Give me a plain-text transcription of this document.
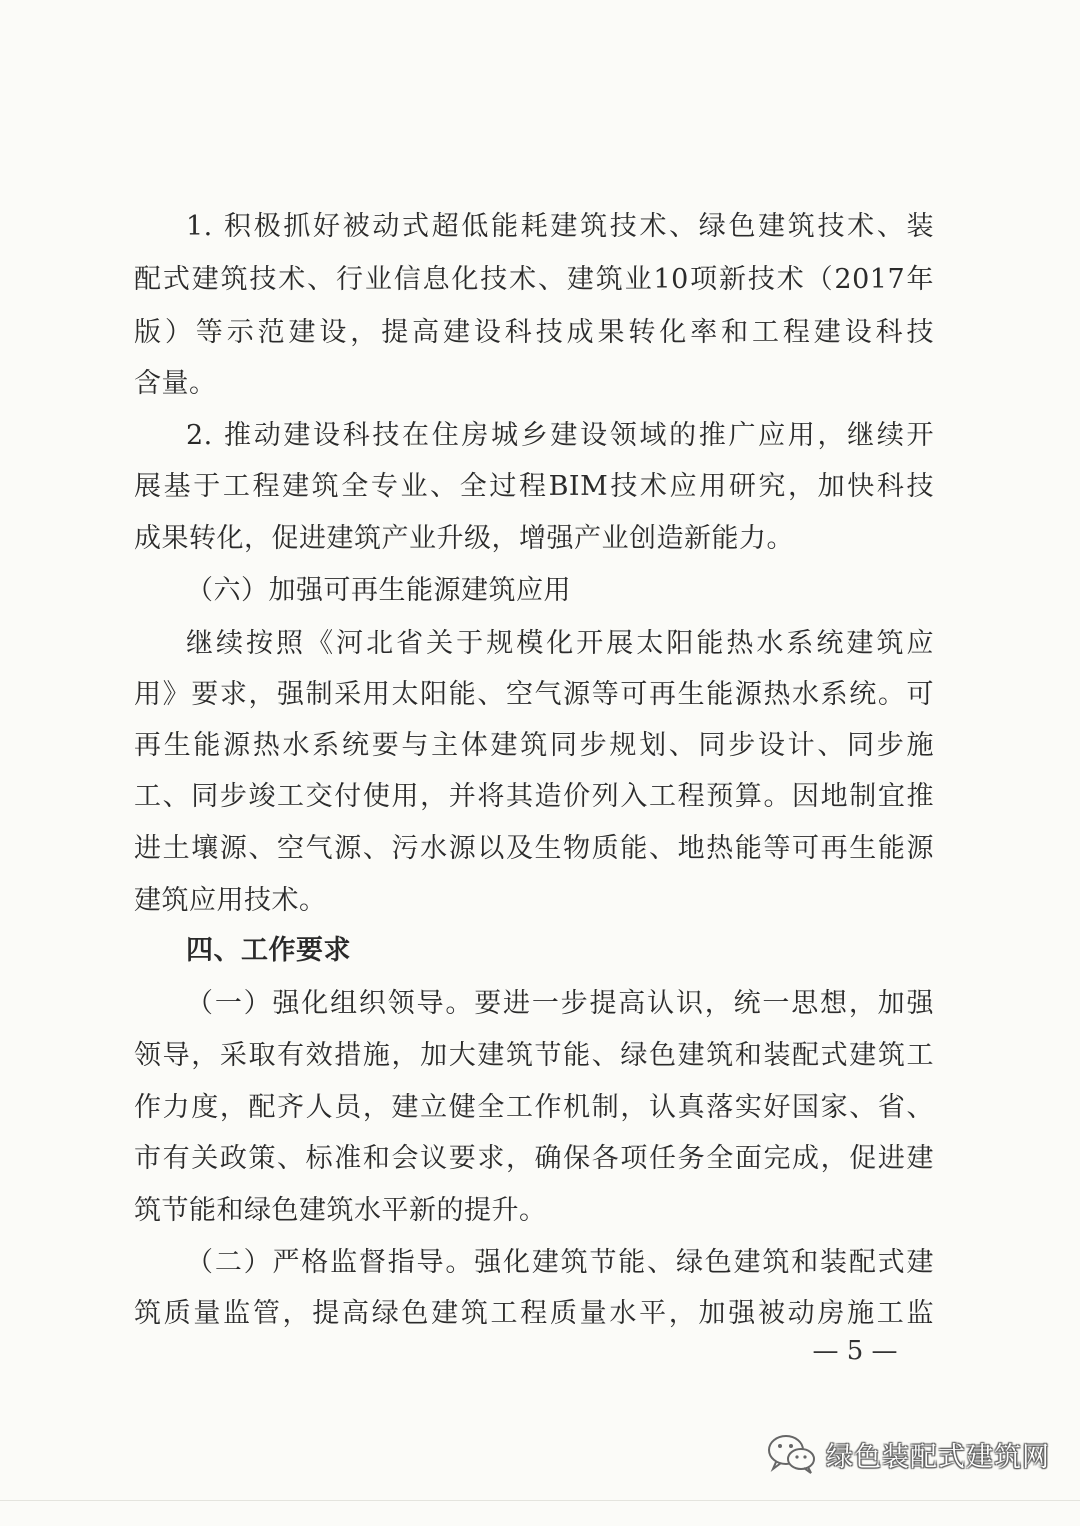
1. 积极抓好被动式超低能耗建筑技术、绿色建筑技术、装
配式建筑技术、行业信息化技术、建筑业10项新技术（2017年
版）等示范建设，提高建设科技成果转化率和工程建设科技
含量。
2. 推动建设科技在住房城乡建设领域的推广应用，继续开
展基于工程建筑全专业、全过程BIM技术应用研究，加快科技
成果转化，促进建筑产业升级，增强产业创造新能力。
（六）加强可再生能源建筑应用
继续按照《河北省关于规模化开展太阳能热水系统建筑应
用》要求，强制采用太阳能、空气源等可再生能源热水系统。可
再生能源热水系统要与主体建筑同步规划、同步设计、同步施
工、同步竣工交付使用，并将其造价列入工程预算。因地制宜推
进土壤源、空气源、污水源以及生物质能、地热能等可再生能源
建筑应用技术。
四、工作要求
（一）强化组织领导。要进一步提高认识，统一思想，加强
领导，采取有效措施，加大建筑节能、绿色建筑和装配式建筑工
作力度，配齐人员，建立健全工作机制，认真落实好国家、省、
市有关政策、标准和会议要求，确保各项任务全面完成，促进建
筑节能和绿色建筑水平新的提升。
（二）严格监督指导。强化建筑节能、绿色建筑和装配式建
筑质量监管，提高绿色建筑工程质量水平，加强被动房施工监
— 5 —
绿色装配式建筑网
